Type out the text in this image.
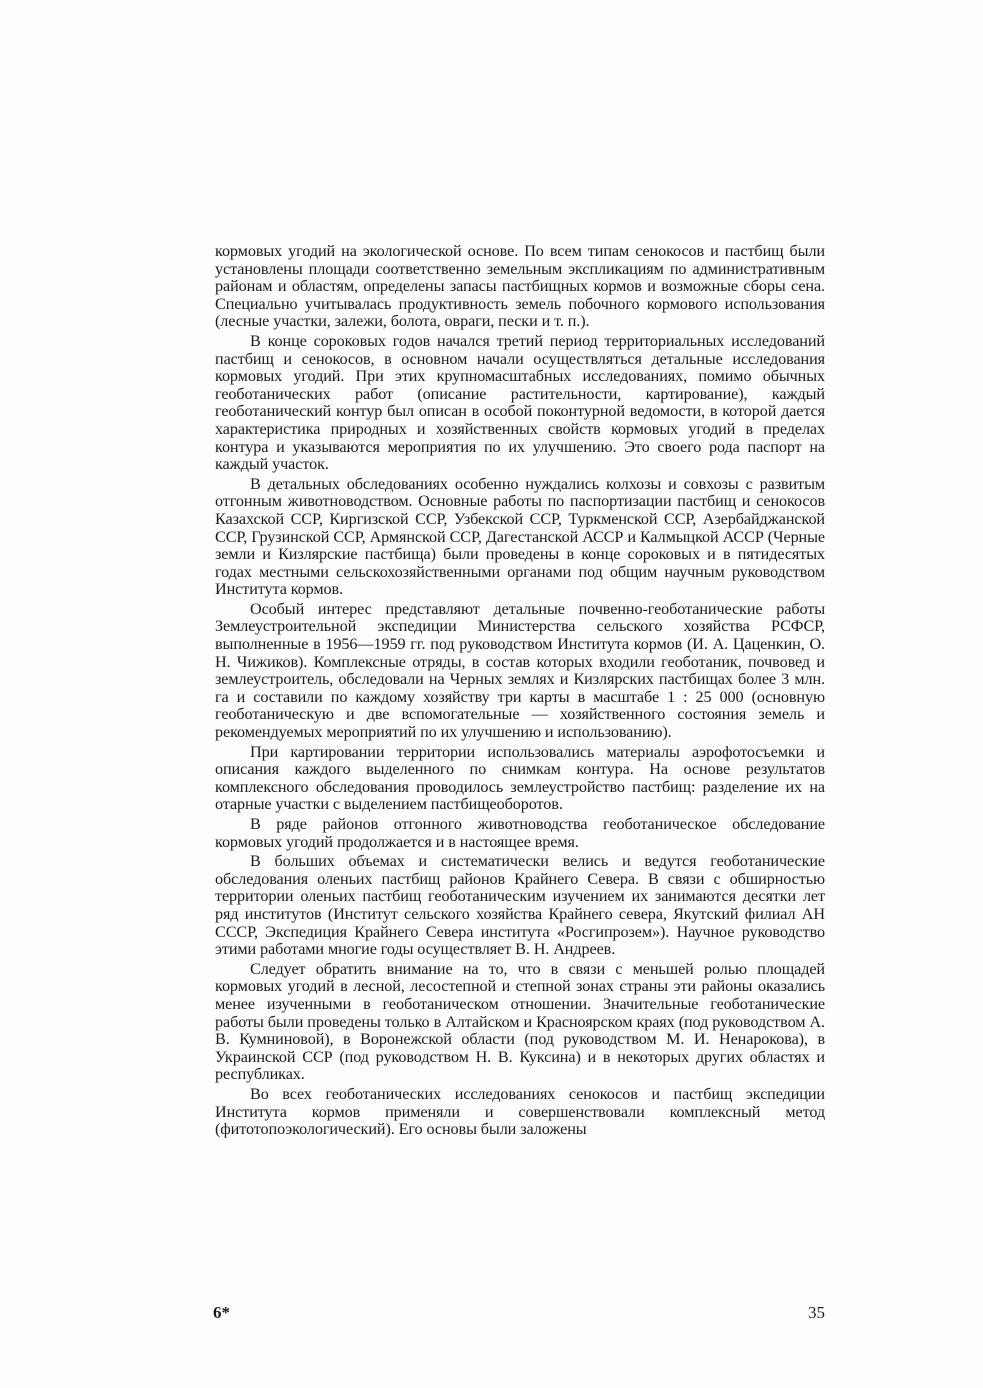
кормовых угодий на экологической основе. По всем типам сенокосов и пастбищ были установлены площади соответственно земельным экспликациям по административным районам и областям, определены запасы пастбищных кормов и возможные сборы сена. Специально учитывалась продуктивность земель побочного кормового использования (лесные участки, залежи, болота, овраги, пески и т. п.).

В конце сороковых годов начался третий период территориальных исследований пастбищ и сенокосов, в основном начали осуществляться детальные исследования кормовых угодий. При этих крупномасштабных исследованиях, помимо обычных геоботанических работ (описание растительности, картирование), каждый геоботанический контур был описан в особой поконтурной ведомости, в которой дается характеристика природных и хозяйственных свойств кормовых угодий в пределах контура и указываются мероприятия по их улучшению. Это своего рода паспорт на каждый участок.

В детальных обследованиях особенно нуждались колхозы и совхозы с развитым отгонным животноводством. Основные работы по паспортизации пастбищ и сенокосов Казахской ССР, Киргизской ССР, Узбекской ССР, Туркменской ССР, Азербайджанской ССР, Грузинской ССР, Армянской ССР, Дагестанской АССР и Калмыцкой АССР (Черные земли и Кизлярские пастбища) были проведены в конце сороковых и в пятидесятых годах местными сельскохозяйственными органами под общим научным руководством Института кормов.

Особый интерес представляют детальные почвенно-геоботанические работы Землеустроительной экспедиции Министерства сельского хозяйства РСФСР, выполненные в 1956—1959 гг. под руководством Института кормов (И. А. Цаценкин, О. Н. Чижиков). Комплексные отряды, в состав которых входили геоботаник, почвовед и землеустроитель, обследовали на Черных землях и Кизлярских пастбищах более 3 млн. га и составили по каждому хозяйству три карты в масштабе 1 : 25 000 (основную геоботаническую и две вспомогательные — хозяйственного состояния земель и рекомендуемых мероприятий по их улучшению и использованию).

При картировании территории использовались материалы аэрофотосъемки и описания каждого выделенного по снимкам контура. На основе результатов комплексного обследования проводилось землеустройство пастбищ: разделение их на отарные участки с выделением пастбищеоборотов.

В ряде районов отгонного животноводства геоботаническое обследование кормовых угодий продолжается и в настоящее время.

В больших объемах и систематически велись и ведутся геоботанические обследования оленьих пастбищ районов Крайнего Севера. В связи с обширностью территории оленьих пастбищ геоботаническим изучением их занимаются десятки лет ряд институтов (Институт сельского хозяйства Крайнего севера, Якутский филиал АН СССР, Экспедиция Крайнего Севера института «Росгипрозем»). Научное руководство этими работами многие годы осуществляет В. Н. Андреев.

Следует обратить внимание на то, что в связи с меньшей ролью площадей кормовых угодий в лесной, лесостепной и степной зонах страны эти районы оказались менее изученными в геоботаническом отношении. Значительные геоботанические работы были проведены только в Алтайском и Красноярском краях (под руководством А. В. Кумниновой), в Воронежской области (под руководством М. И. Ненарокова), в Украинской ССР (под руководством Н. В. Куксина) и в некоторых других областях и республиках.

Во всех геоботанических исследованиях сенокосов и пастбищ экспедиции Института кормов применяли и совершенствовали комплексный метод (фитотопоэкологический). Его основы были заложены

6*	35
